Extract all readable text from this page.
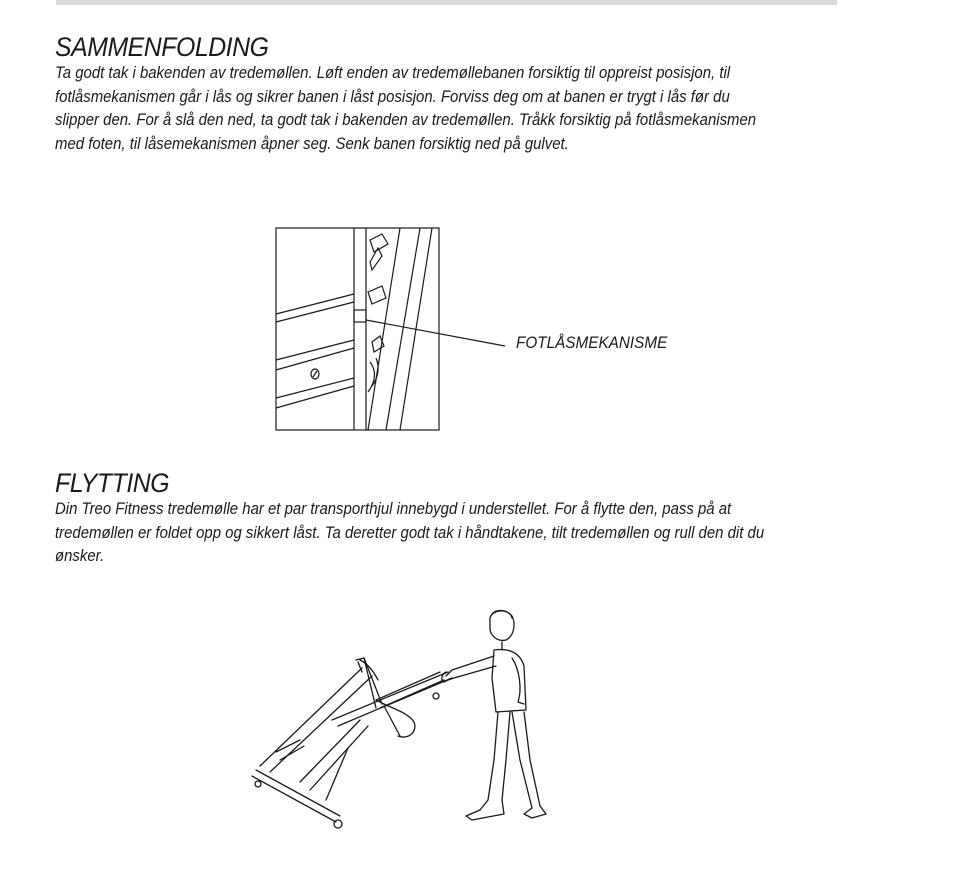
SAMMENFOLDING

Ta godt tak i bakenden av tredemøllen. Løft enden av tredemøllebanen forsiktig til oppreist posisjon, til
fotlåsmekanismen går i lås og sikrer banen i låst posisjon. Forviss deg om at banen er trygt i lås før du
slipper den. For å slå den ned, ta godt tak i bakenden av tredemøllen. Tråkk forsiktig på fotlåsmekanismen
med foten, til låsemekanismen åpner seg. Senk banen forsiktig ned på gulvet.

FOTLÅSMEKANISME

FLYTTING

Din Treo Fitness tredemølle har et par transporthjul innebygd i understellet. For å flytte den, pass på at
tredemøllen er foldet opp og sikkert låst. Ta deretter godt tak i håndtakene, tilt tredemøllen og rull den dit du
ønsker.
